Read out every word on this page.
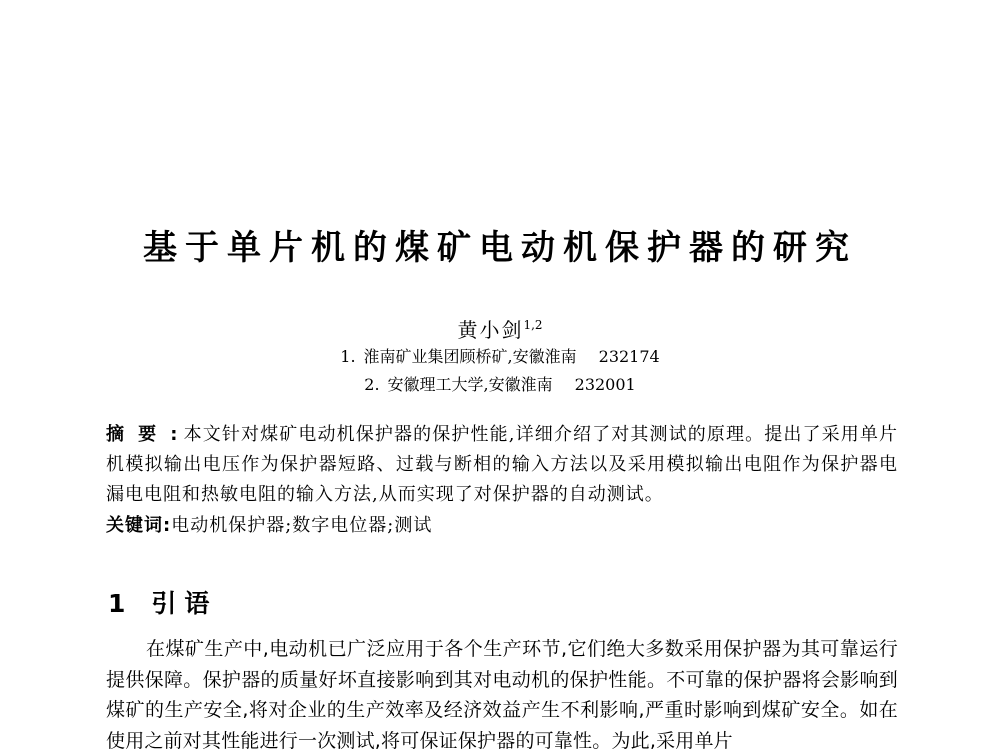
基于单片机的煤矿电动机保护器的研究
黄小剑$^{1,2}$
1. 淮南矿业集团顾桥矿,安徽淮南 232174
2. 安徽理工大学,安徽淮南 232001
摘要: 本文针对煤矿电动机保护器的保护性能,详细介绍了对其测试的原理。提出了采用单片机模拟输出电压作为保护器短路、过载与断相的输入方法以及采用模拟输出电阻作为保护器电漏电电阻和热敏电阻的输入方法,从而实现了对保护器的自动测试。
关键词:电动机保护器;数字电位器;测试
1 引语
在煤矿生产中,电动机已广泛应用于各个生产环节,它们绝大多数采用保护器为其可靠运行提供保障。保护器的质量好坏直接影响到其对电动机的保护性能。不可靠的保护器将会影响到煤矿的生产安全,将对企业的生产效率及经济效益产生不利影响,严重时影响到煤矿安全。如在使用之前对其性能进行一次测试,将可保证保护器的可靠性。为此,采用单片
